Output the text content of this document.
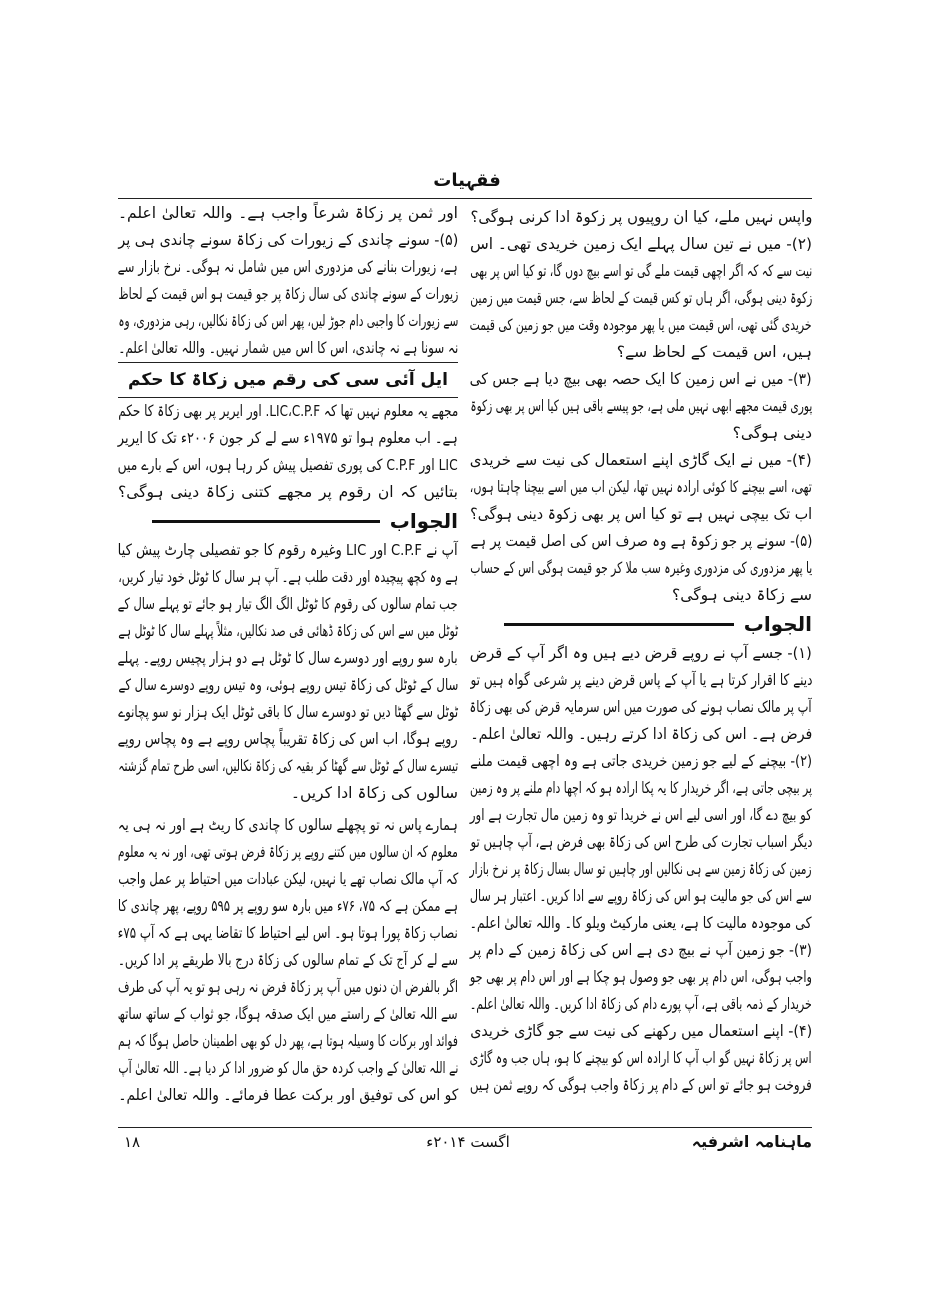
فقہیات
واپس نہیں ملے، کیا ان روپیوں پر زکوۃ ادا کرنی ہوگی؟
(۲)- میں نے تین سال پہلے ایک زمین خریدی تھی۔ اس
نیت سے کہ کہ اگر اچھی قیمت ملے گی تو اسے بیچ دوں گا، تو کیا اس پر بھی
زکوۃ دینی ہوگی، اگر ہاں تو کس قیمت کے لحاظ سے، جس قیمت میں زمین
خریدی گئی تھی، اس قیمت میں یا پھر موجودہ وقت میں جو زمین کی قیمت
ہیں، اس قیمت کے لحاظ سے؟
(۳)- میں نے اس زمین کا ایک حصہ بھی بیچ دیا ہے جس کی
پوری قیمت مجھے ابھی نہیں ملی ہے، جو پیسے باقی ہیں کیا اس پر بھی زکوۃ
دینی ہوگی؟
(۴)- میں نے ایک گاڑی اپنے استعمال کی نیت سے خریدی
تھی، اسے بیچنے کا کوئی ارادہ نہیں تھا، لیکن اب میں اسے بیچنا چاہتا ہوں،
اب تک بیچی نہیں ہے تو کیا اس پر بھی زکوۃ دینی ہوگی؟
(۵)- سونے پر جو زکوۃ ہے وہ صرف اس کی اصل قیمت پر ہے
یا پھر مزدوری کی مزدوری وغیرہ سب ملا کر جو قیمت ہوگی اس کے حساب
سے زکاۃ دینی ہوگی؟
الجواب
(۱)- جسے آپ نے روپے قرض دیے ہیں وہ اگر آپ کے قرض
دینے کا اقرار کرتا ہے یا آپ کے پاس قرض دینے پر شرعی گواہ ہیں تو
آپ پر مالک نصاب ہونے کی صورت میں اس سرمایہ قرض کی بھی زکاۃ
فرض ہے۔ اس کی زکاۃ ادا کرتے رہیں۔ واللہ تعالیٰ اعلم۔
(۲)- بیچنے کے لیے جو زمین خریدی جاتی ہے وہ اچھی قیمت ملنے
پر بیچی جاتی ہے، اگر خریدار کا یہ پکا ارادہ ہو کہ اچھا دام ملنے پر وہ زمین
کو بیچ دے گا، اور اسی لیے اس نے خریدا تو وہ زمین مال تجارت ہے اور
دیگر اسباب تجارت کی طرح اس کی زکاۃ بھی فرض ہے، آپ چاہیں تو
زمین کی زکاۃ زمین سے ہی نکالیں اور چاہیں تو سال بسال زکاۃ پر نرخ بازار
سے اس کی جو مالیت ہو اس کی زکاۃ روپے سے ادا کریں۔ اعتبار ہر سال
کی موجودہ مالیت کا ہے، یعنی مارکیٹ ویلو کا۔ واللہ تعالیٰ اعلم۔
(۳)- جو زمین آپ نے بیچ دی ہے اس کی زکاۃ زمین کے دام پر
واجب ہوگی، اس دام پر بھی جو وصول ہو چکا ہے اور اس دام پر بھی جو
خریدار کے ذمہ باقی ہے، آپ پورے دام کی زکاۃ ادا کریں۔ واللہ تعالیٰ اعلم۔
(۴)- اپنے استعمال میں رکھنے کی نیت سے جو گاڑی خریدی
اس پر زکاۃ نہیں گو اب آپ کا ارادہ اس کو بیچنے کا ہو، ہاں جب وہ گاڑی
فروخت ہو جائے تو اس کے دام پر زکاۃ واجب ہوگی کہ روپے ثمن ہیں
اور ثمن پر زکاۃ شرعاً واجب ہے۔ واللہ تعالیٰ اعلم۔
(۵)- سونے چاندی کے زیورات کی زکاۃ سونے چاندی ہی پر
ہے، زیورات بنانے کی مزدوری اس میں شامل نہ ہوگی۔ نرخ بازار سے
زیورات کے سونے چاندی کی سال زکاۃ پر جو قیمت ہو اس قیمت کے لحاظ
سے زیورات کا واجبی دام جوڑ لیں، پھر اس کی زکاۃ نکالیں، رہی مزدوری، وہ
نہ سونا ہے نہ چاندی، اس کا اس میں شمار نہیں۔ واللہ تعالیٰ اعلم۔
ایل آئی سی کی رقم میں زکاۃ کا حکم
مجھے یہ معلوم نہیں تھا کہ LIC،C.P.F. اور ایریر پر بھی زکاۃ کا حکم
ہے۔ اب معلوم ہوا تو ۱۹۷۵ء سے لے کر جون ۲۰۰۶ء تک کا ایریر
LIC اور C.P.F کی پوری تفصیل پیش کر رہا ہوں، اس کے بارے میں
بتائیں کہ ان رقوم پر مجھے کتنی زکاۃ دینی ہوگی؟
الجواب
آپ نے C.P.F اور LIC وغیرہ رقوم کا جو تفصیلی چارٹ پیش کیا
ہے وہ کچھ پیچیدہ اور دقت طلب ہے۔ آپ ہر سال کا ٹوٹل خود تیار کریں،
جب تمام سالوں کی رقوم کا ٹوٹل الگ الگ تیار ہو جائے تو پہلے سال کے
ٹوٹل میں سے اس کی زکاۃ ڈھائی فی صد نکالیں، مثلاً پہلے سال کا ٹوٹل ہے
بارہ سو روپے اور دوسرے سال کا ٹوٹل ہے دو ہزار پچیس روپے۔ پہلے
سال کے ٹوٹل کی زکاۃ تیس روپے ہوئی، وہ تیس روپے دوسرے سال کے
ٹوٹل سے گھٹا دیں تو دوسرے سال کا باقی ٹوٹل ایک ہزار نو سو پچانوے
روپے ہوگا، اب اس کی زکاۃ تقریباً پچاس روپے ہے وہ پچاس روپے
تیسرے سال کے ٹوٹل سے گھٹا کر بقیہ کی زکاۃ نکالیں، اسی طرح تمام گزشتہ
سالوں کی زکاۃ ادا کریں۔
ہمارے پاس نہ تو پچھلے سالوں کا چاندی کا ریٹ ہے اور نہ ہی یہ
معلوم کہ ان سالوں میں کتنے روپے پر زکاۃ فرض ہوتی تھی، اور نہ یہ معلوم
کہ آپ مالک نصاب تھے یا نہیں، لیکن عبادات میں احتیاط پر عمل واجب
ہے ممکن ہے کہ ۷۵، ۷۶ء میں بارہ سو روپے پر ۵۹۵ روپے، پھر چاندی کا
نصاب زکاۃ پورا ہوتا ہو۔ اس لیے احتیاط کا تقاضا یہی ہے کہ آپ ۷۵ء
سے لے کر آج تک کے تمام سالوں کی زکاۃ درج بالا طریقے پر ادا کریں۔
اگر بالفرض ان دنوں میں آپ پر زکاۃ فرض نہ رہی ہو تو یہ آپ کی طرف
سے اللہ تعالیٰ کے راستے میں ایک صدقہ ہوگا، جو ثواب کے ساتھ ساتھ
فوائد اور برکات کا وسیلہ ہوتا ہے، پھر دل کو بھی اطمینان حاصل ہوگا کہ ہم
نے اللہ تعالیٰ کے واجب کردہ حق مال کو ضرور ادا کر دیا ہے۔ اللہ تعالیٰ آپ
کو اس کی توفیق اور برکت عطا فرمائے۔ واللہ تعالیٰ اعلم۔
ماہنامہ اشرفیہ
اگست ۲۰۱۴ء
۱۸
